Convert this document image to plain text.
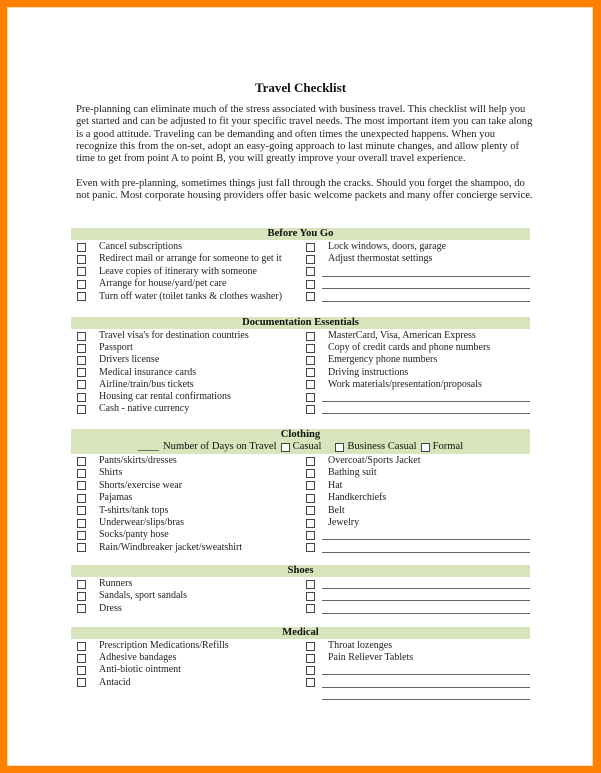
Travel Checklist
Pre-planning can eliminate much of the stress associated with business travel. This checklist will help you get started and can be adjusted to fit your specific travel needs. The most important item you can take along is a good attitude. Traveling can be demanding and often times the unexpected happens. When you recognize this from the on-set, adopt an easy-going approach to last minute changes, and allow plenty of time to get from point A to point B, you will greatly improve your overall travel experience.
Even with pre-planning, sometimes things just fall through the cracks. Should you forget the shampoo, do not panic. Most corporate housing providers offer basic welcome packets and many offer concierge service.
Before You Go
Documentation Essentials
Clothing
____ Number of Days on Travel Casual Business Casual Formal
Shoes
Medical
Cancel subscriptions	Lock windows, doors, garage
Redirect mail or arrange for someone to get it	Adjust thermostat settings
Leave copies of itinerary with someone
Arrange for house/yard/pet care
Turn off water (toilet tanks & clothes washer)
Travel visa's for destination countries	MasterCard, Visa, American Express
Passport	Copy of credit cards and phone numbers
Drivers license	Emergency phone numbers
Medical insurance cards	Driving instructions
Airline/train/bus tickets	Work materials/presentation/proposals
Housing car rental confirmations
Cash - native currency
Pants/skirts/dresses	Overcoat/Sports Jacket
Shirts	Bathing suit
Shorts/exercise wear	Hat
Pajamas	Handkerchiefs
T-shirts/tank tops	Belt
Underwear/slips/bras	Jewelry
Socks/panty hose
Rain/Windbreaker jacket/sweatshirt
Runners
Sandals, sport sandals
Dress
Prescription Medications/Refills	Throat lozenges
Adhesive bandages	Pain Reliever Tablets
Anti-biotic ointment
Antacid
